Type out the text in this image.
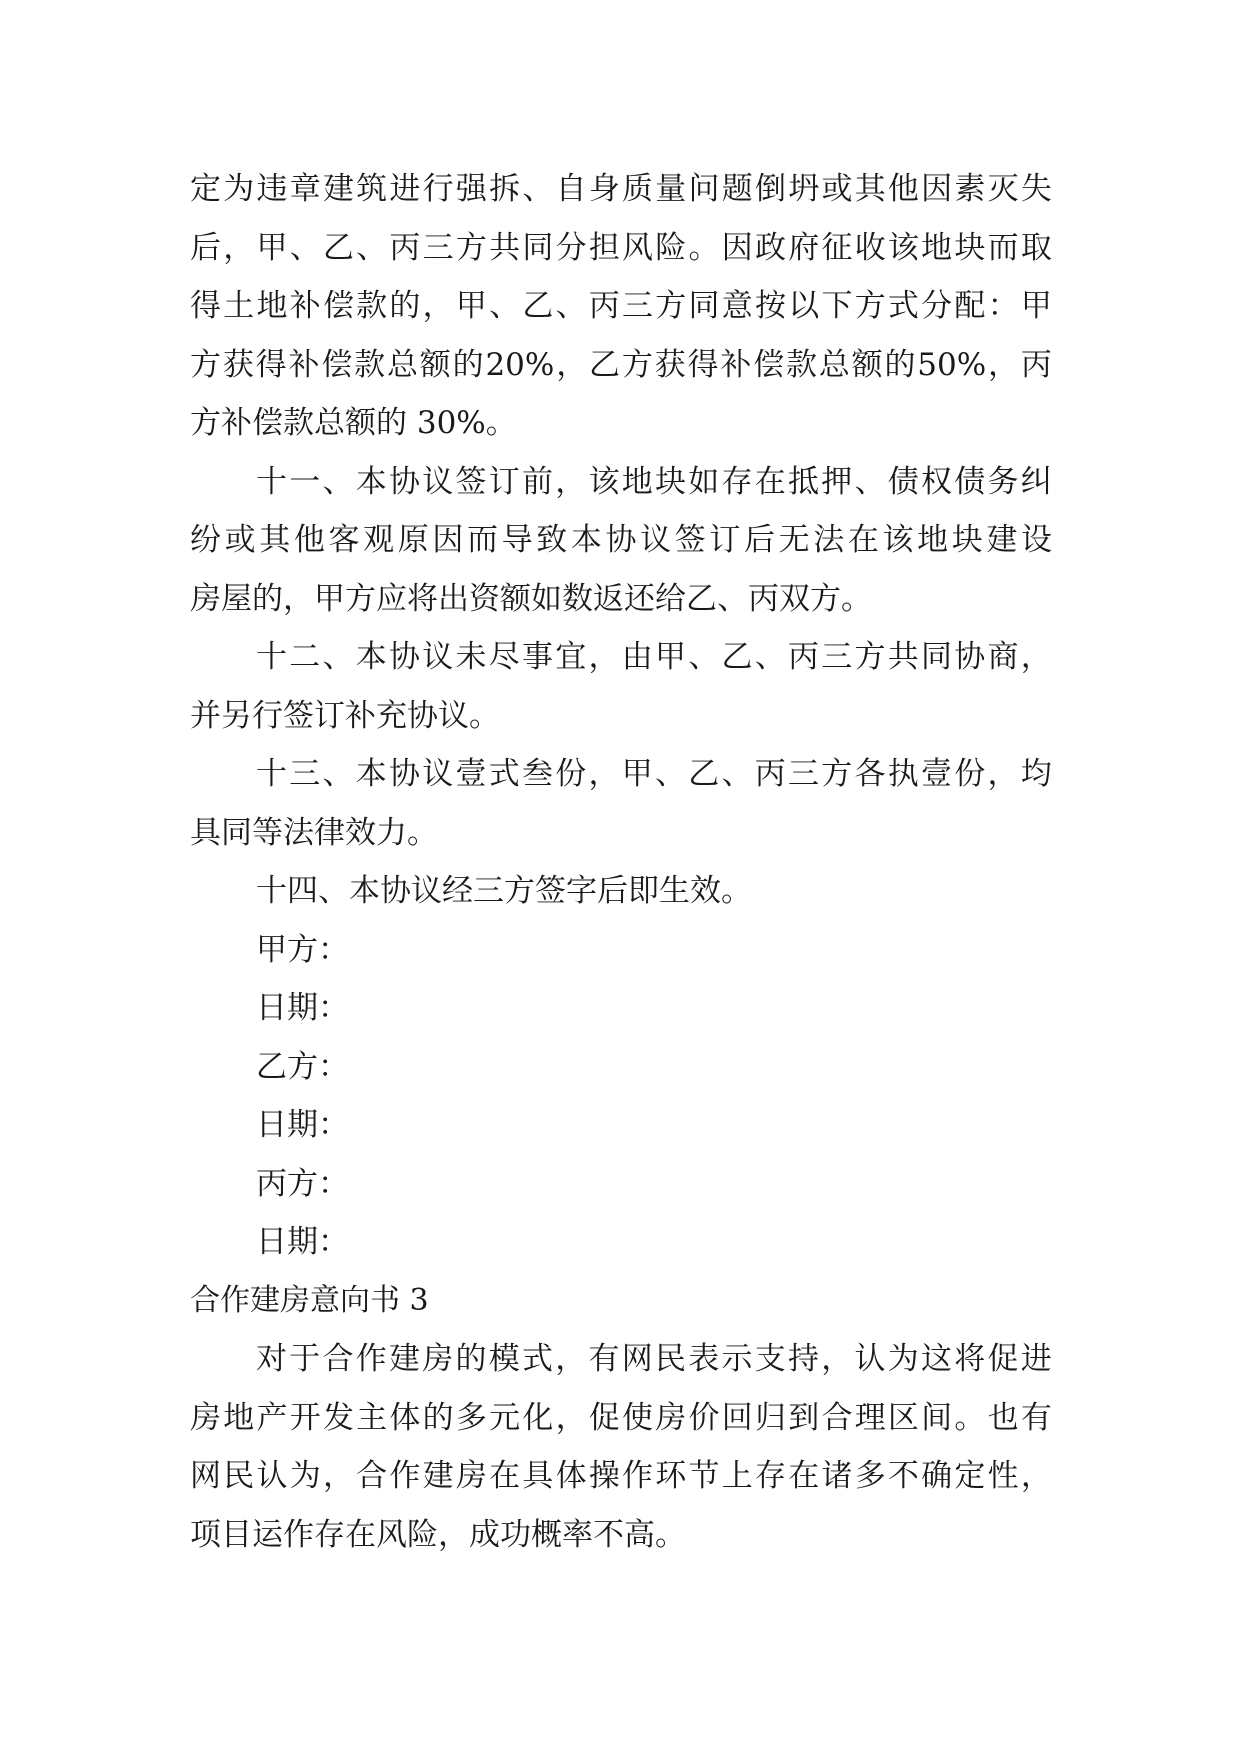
定 为 违 章 建 筑 进 行 强 拆 、 自 身 质 量 问 题 倒 坍 或 其 他 因 素 灭 失
后 ， 甲 、 乙 、 丙 三 方 共 同 分 担 风 险 。 因 政 府 征 收 该 地 块 而 取
得 土 地 补 偿 款 的 ， 甲 、 乙 、 丙 三 方 同 意 按 以 下 方 式 分 配 ： 甲
方 获 得 补 偿 款 总 额 的 20% ， 乙 方 获 得 补 偿 款 总 额 的 50% ， 丙
方补偿款总额的 30%。
十 一 、 本 协 议 签 订 前 ， 该 地 块 如 存 在 抵 押 、 债 权 债 务 纠
纷 或 其 他 客 观 原 因 而 导 致 本 协 议 签 订 后 无 法 在 该 地 块 建 设
房屋的，甲方应将出资额如数返还给乙、丙双方。
十 二 、 本 协 议 未 尽 事 宜 ， 由 甲 、 乙 、 丙 三 方 共 同 协 商 ，
并另行签订补充协议。
十 三 、 本 协 议 壹 式 叁 份 ， 甲 、 乙 、 丙 三 方 各 执 壹 份 ， 均
具同等法律效力。
十四、本协议经三方签字后即生效。
甲方：
日期：
乙方：
日期：
丙方：
日期：
合作建房意向书 3
对 于 合 作 建 房 的 模 式 ， 有 网 民 表 示 支 持 ， 认 为 这 将 促 进
房 地 产 开 发 主 体 的 多 元 化 ， 促 使 房 价 回 归 到 合 理 区 间 。 也 有
网 民 认 为 ， 合 作 建 房 在 具 体 操 作 环 节 上 存 在 诸 多 不 确 定 性 ，
项目运作存在风险，成功概率不高。
